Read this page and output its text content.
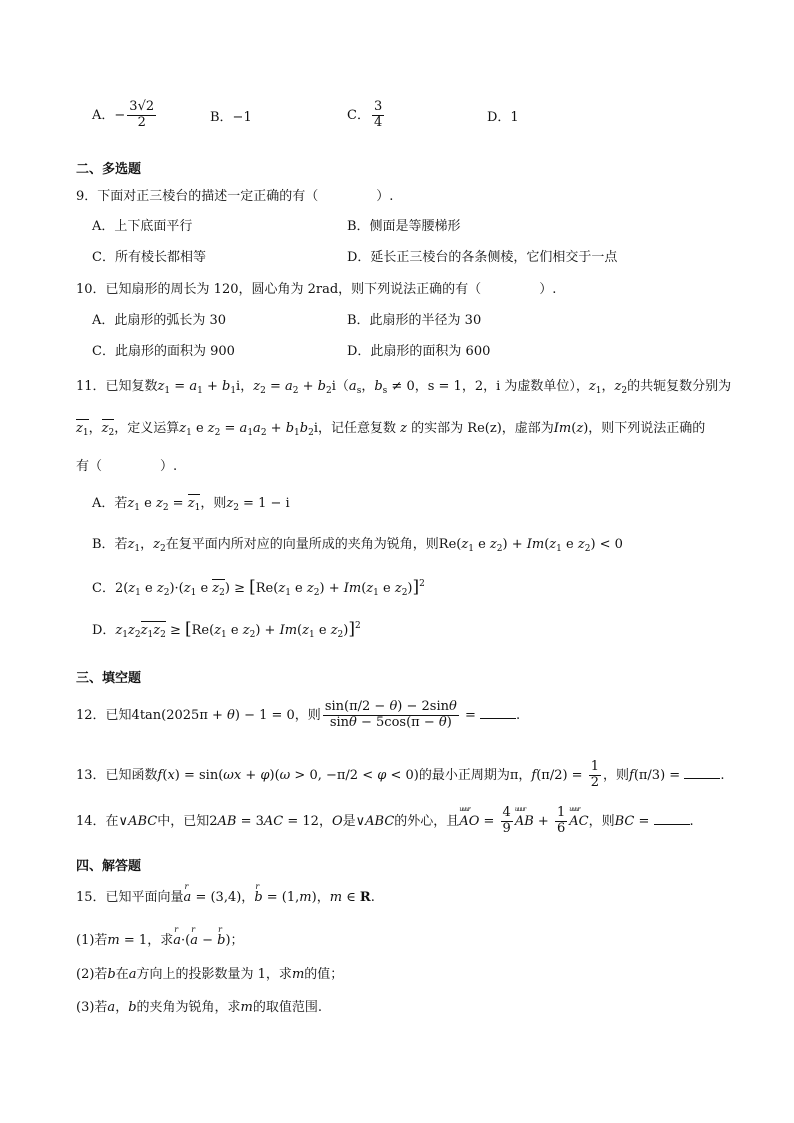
A．− $\frac{3√2}{2}$	B．−1	C． $\frac{3}{4}$	D．1
二、多选题
9．下面对正三棱台的描述一定正确的有（	）.
A．上下底面平行	B．侧面是等腰梯形
C．所有棱长都相等	D．延长正三棱台的各条侧棱，它们相交于一点
10．已知扇形的周长为 120，圆心角为 2rad，则下列说法正确的有（	）.
A．此扇形的弧长为 30	B．此扇形的半径为 30
C．此扇形的面积为 900	D．此扇形的面积为 600
11．已知复数$z_1 = a_1 + b_1i$，$z_2 = a_2 + b_2i(a_s$，$b_s \ne 0$，s = 1，2，i 为虚数单位），$z_1$，$z_2$的共轭复数分别为
$z_1$，$z_2$，定义运算$z_1$ e $z_2 = a_1a_2 + b_1b_2i$，记任意复数 z 的实部为 Re(z)，虚部为Im(z)，则下列说法正确的
有（	）.
A．若$z_1$ e $z_2 = z_1$，则$z_2 = 1 - i$
B．若$z_1$，$z_2$在复平面内所对应的向量所成的夹角为锐角，则$Re(z_1$ e $z_2) + Im(z_1$ e $z_2) < 0$
C．$2(z_1$ e $z_2)\cdot(z_1$ e $z_2) \ge [Re(z_1$ e $z_2) + Im(z_1$ e $z_2)]^2$
D．$z_1z_2z_1z_2 \ge [Re(z_1$ e $z_2) + Im(z_1$ e $z_2)]^2$
三、填空题
12．已知4tan(2025π + θ) − 1 = 0，则 $\frac{\sin(\pi/2 - \theta) - 2\sin\theta}{\sin\theta - 5\cos(\pi - \theta)}$ =	.
13．已知函数f(x) = sin(ωx + φ)(ω > 0, −π/2 < φ < 0)的最小正周期为π，$f(\pi/2) = \frac{1}{2}$ ，则f(π/3) =	.
14．在∨ABC中，已知2AB = 3AC = 12，O是∨ABC的外心，且uuur AO = $\frac{4}{9}$ uuur AB + $\frac{1}{6}$ uuur AC，则BC =	.
四、解答题
15．已知平面向量r a = (3,4)，r b = (1,m)，m ∈ R.
(1)若m = 1，求r a·(r a − r b)；
(2)若b在a方向上的投影数量为 1，求m的值；
(3)若a，b的夹角为锐角，求m的取值范围.
